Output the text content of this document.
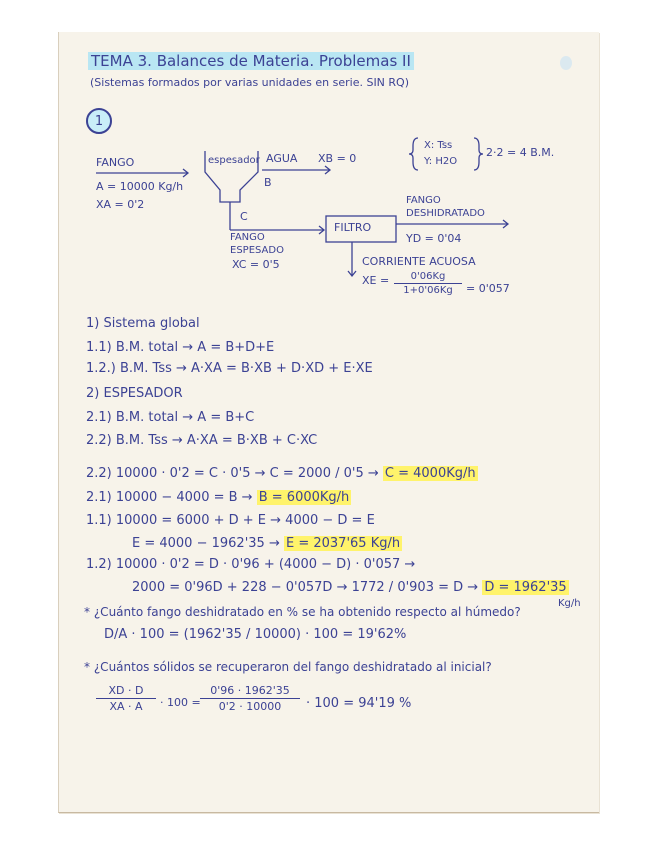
TEMA 3. Balances de Materia. Problemas II
(Sistemas formados por varias unidades en serie. SIN RQ)
1
FANGO
A = 10000 Kg/h
XA = 0'2
espesador AGUA XB = 0
B
C
FANGO
ESPESADO
XC = 0'5
FILTRO
FANGO
DESHIDRATADO
YD = 0'04
CORRIENTE ACUOSA
XE =	0'06Kg
1+0'06Kg	= 0'057
X: Tss
Y: H2O
2·2 = 4 B.M.
1) Sistema global
1.1) B.M. total → A = B+D+E
1.2.) B.M. Tss → A·XA = B·XB + D·XD + E·XE
2) ESPESADOR
2.1) B.M. total → A = B+C
2.2) B.M. Tss → A·XA = B·XB + C·XC
2.2) 10000 · 0'2 = C · 0'5 → C = 2000 / 0'5 → C = 4000Kg/h
2.1) 10000 − 4000 = B → B = 6000Kg/h
1.1) 10000 = 6000 + D + E → 4000 − D = E
E = 4000 − 1962'35 → E = 2037'65 Kg/h
1.2) 10000 · 0'2 = D · 0'96 + (4000 − D) · 0'057 →
2000 = 0'96D + 228 − 0'057D → 1772 / 0'903 = D → D = 1962'35
Kg/h
* ¿Cuánto fango deshidratado en % se ha obtenido respecto al húmedo?
D/A · 100 = (1962'35 / 10000) · 100 = 19'62%
* ¿Cuántos sólidos se recuperaron del fango deshidratado al inicial?
XD · D
XA · A	· 100 =
0'96 · 1962'35
0'2 · 10000	· 100 = 94'19 %
